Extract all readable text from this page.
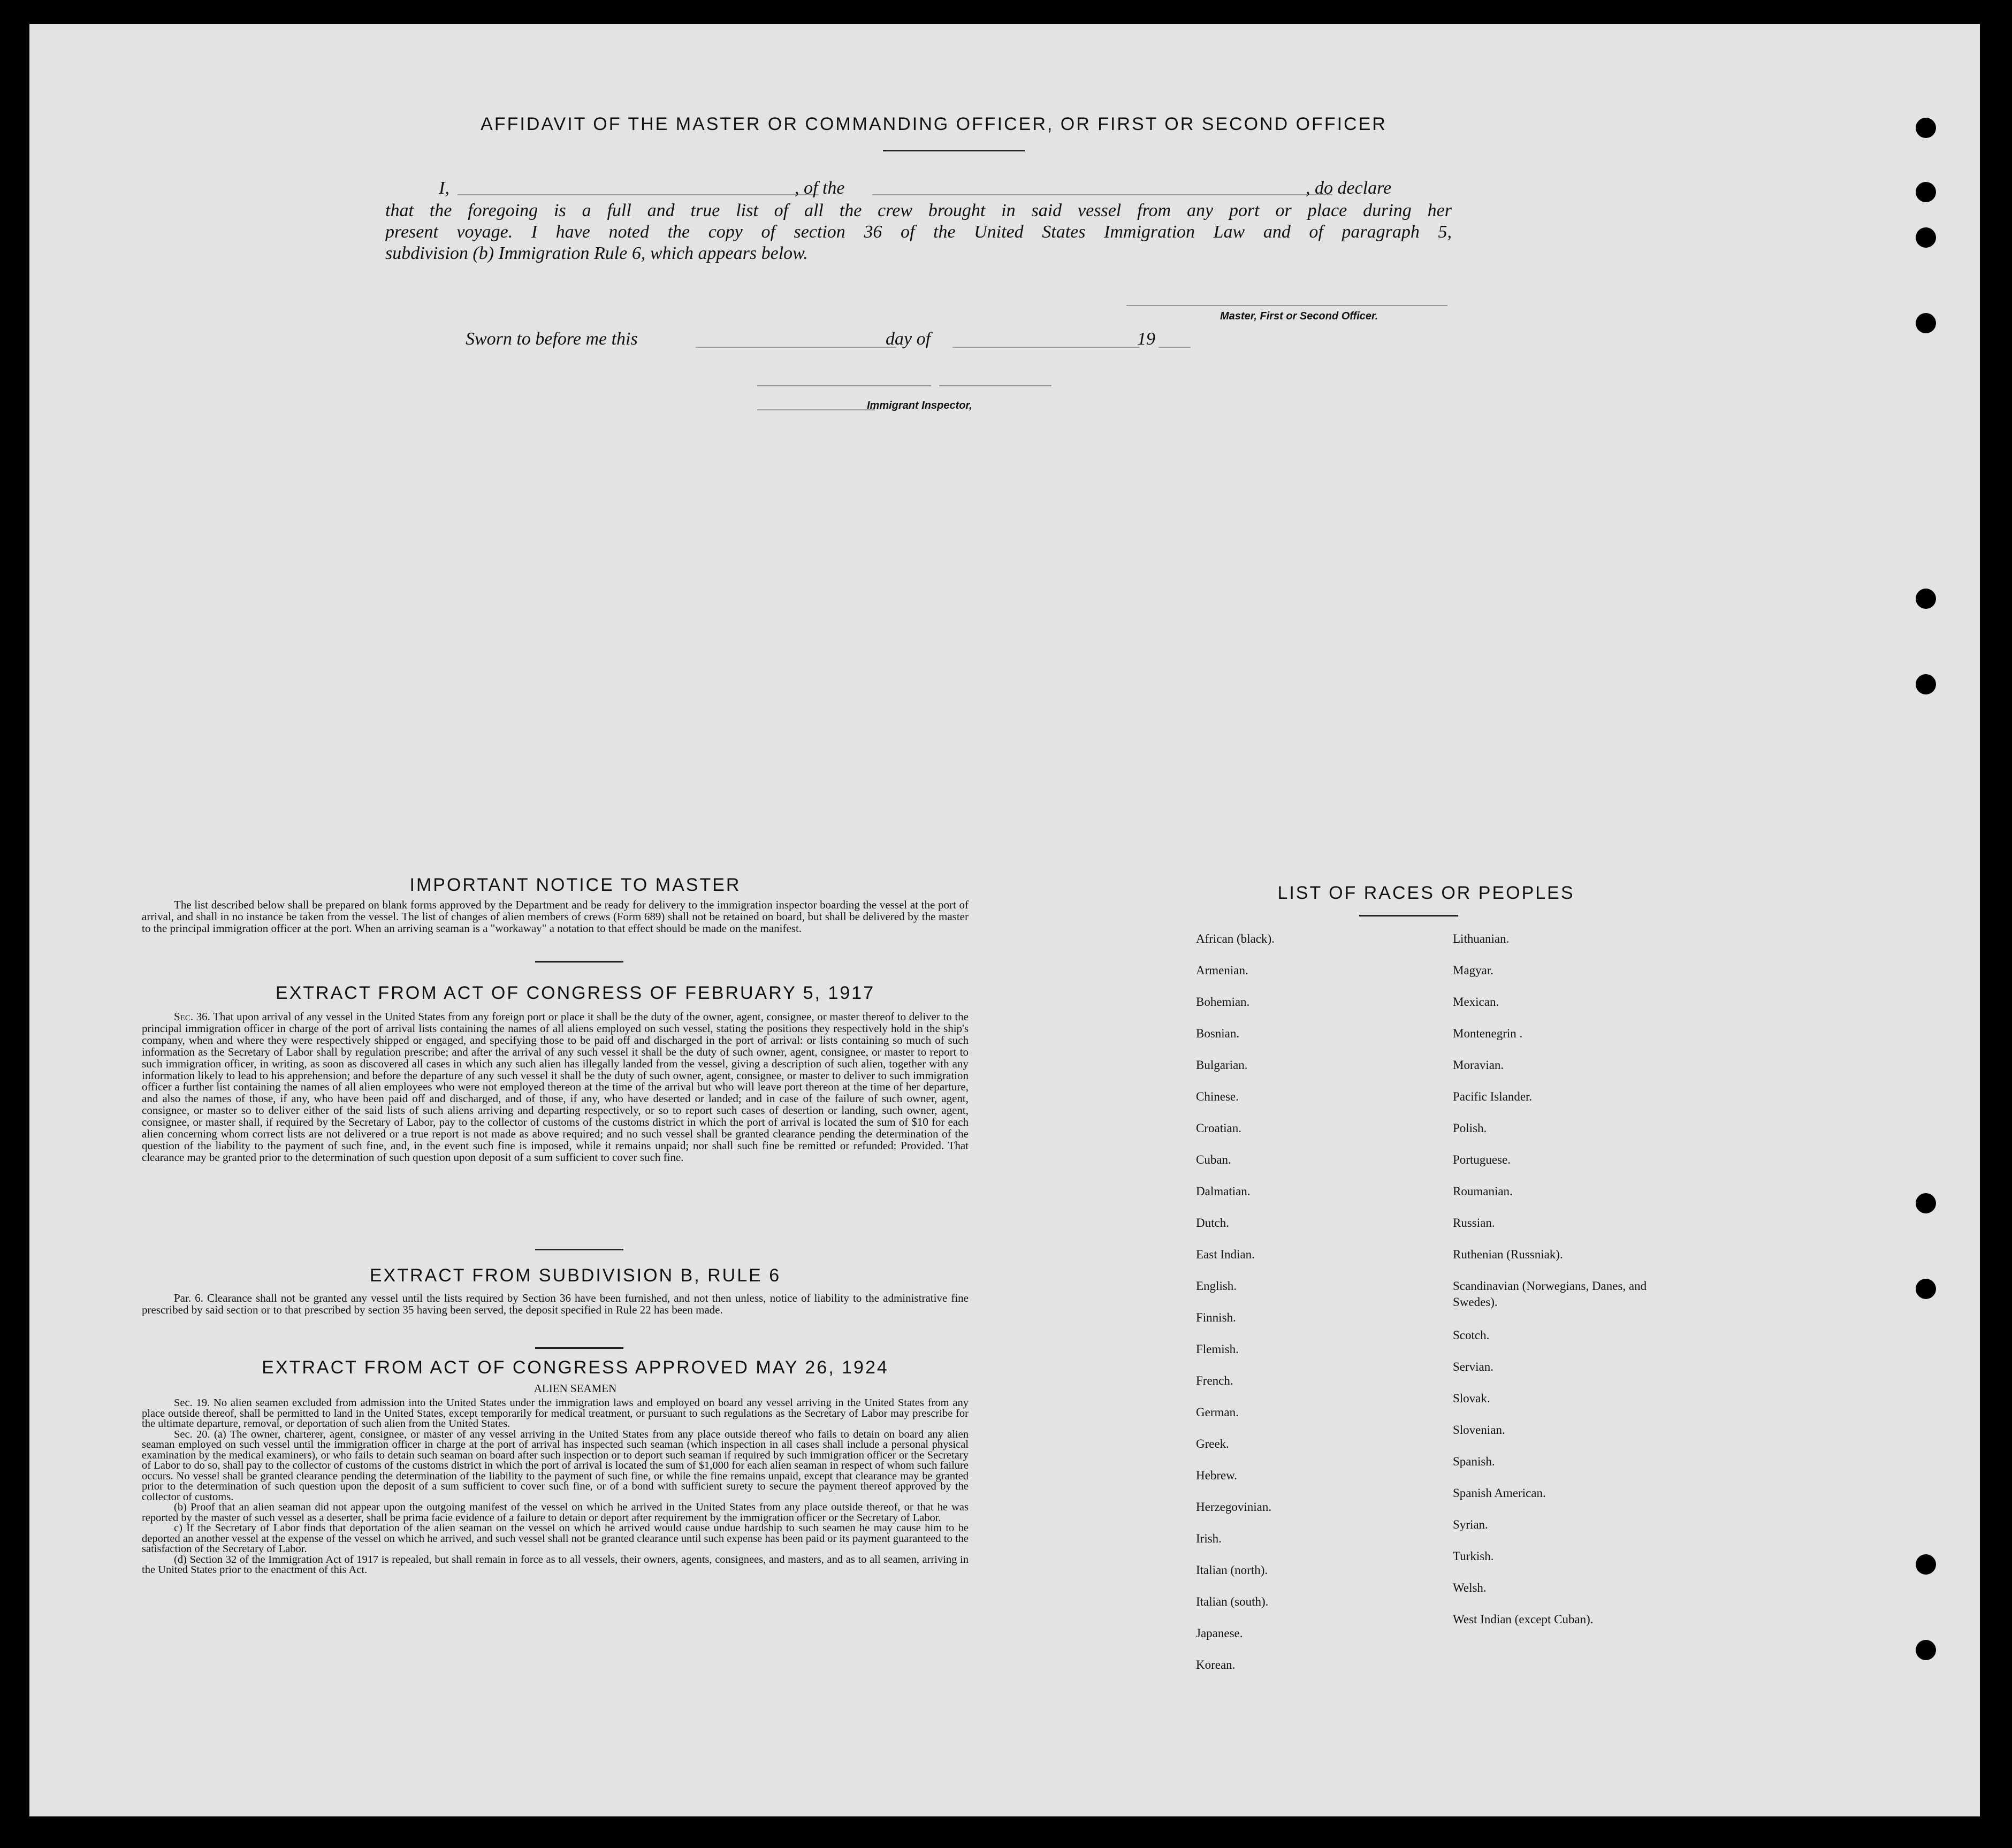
AFFIDAVIT OF THE MASTER OR COMMANDING OFFICER, OR FIRST OR SECOND OFFICER
I,	, of the	, do declare
that the foregoing is a full and true list of all the crew brought in said vessel from any port or place during her
present voyage. I have noted the copy of section 36 of the United States Immigration Law and of paragraph 5,
subdivision (b) Immigration Rule 6, which appears below.
Master, First or Second Officer.
Sworn to before me this	day of	19
Immigrant Inspector,
IMPORTANT NOTICE TO MASTER

The list described below shall be prepared on blank forms approved by the Department and be ready for delivery to the immigration inspector boarding the vessel at the port of arrival, and shall in no instance be taken from the vessel. The list of changes of alien members of crews (Form 689) shall not be retained on board, but shall be delivered by the master to the principal immigration officer at the port. When an arriving seaman is a "workaway" a notation to that effect should be made on the manifest.

EXTRACT FROM ACT OF CONGRESS OF FEBRUARY 5, 1917

Sec. 36. That upon arrival of any vessel in the United States from any foreign port or place it shall be the duty of the owner, agent, consignee, or master thereof to deliver to the principal immigration officer in charge of the port of arrival lists containing the names of all aliens employed on such vessel, stating the positions they respectively hold in the ship's company, when and where they were respectively shipped or engaged, and specifying those to be paid off and discharged in the port of arrival: or lists containing so much of such information as the Secretary of Labor shall by regulation prescribe; and after the arrival of any such vessel it shall be the duty of such owner, agent, consignee, or master to report to such immigration officer, in writing, as soon as discovered all cases in which any such alien has illegally landed from the vessel, giving a description of such alien, together with any information likely to lead to his apprehension; and before the departure of any such vessel it shall be the duty of such owner, agent, consignee, or master to deliver to such immigration officer a further list containing the names of all alien employees who were not employed thereon at the time of the arrival but who will leave port thereon at the time of her departure, and also the names of those, if any, who have been paid off and discharged, and of those, if any, who have deserted or landed; and in case of the failure of such owner, agent, consignee, or master so to deliver either of the said lists of such aliens arriving and departing respectively, or so to report such cases of desertion or landing, such owner, agent, consignee, or master shall, if required by the Secretary of Labor, pay to the collector of customs of the customs district in which the port of arrival is located the sum of $10 for each alien concerning whom correct lists are not delivered or a true report is not made as above required; and no such vessel shall be granted clearance pending the determination of the question of the liability to the payment of such fine, and, in the event such fine is imposed, while it remains unpaid; nor shall such fine be remitted or refunded: Provided. That clearance may be granted prior to the determination of such question upon deposit of a sum sufficient to cover such fine.

EXTRACT FROM SUBDIVISION B, RULE 6

Par. 6. Clearance shall not be granted any vessel until the lists required by Section 36 have been furnished, and not then unless, notice of liability to the administrative fine prescribed by said section or to that prescribed by section 35 having been served, the deposit specified in Rule 22 has been made.

EXTRACT FROM ACT OF CONGRESS APPROVED MAY 26, 1924
ALIEN SEAMEN

Sec. 19. No alien seamen excluded from admission into the United States under the immigration laws and employed on board any vessel arriving in the United States from any place outside thereof, shall be permitted to land in the United States, except temporarily for medical treatment, or pursuant to such regulations as the Secretary of Labor may prescribe for the ultimate departure, removal, or deportation of such alien from the United States.

Sec. 20. (a) The owner, charterer, agent, consignee, or master of any vessel arriving in the United States from any place outside thereof who fails to detain on board any alien seaman employed on such vessel until the immigration officer in charge at the port of arrival has inspected such seaman (which inspection in all cases shall include a personal physical examination by the medical examiners), or who fails to detain such seaman on board after such inspection or to deport such seaman if required by such immigration officer or the Secretary of Labor to do so, shall pay to the collector of customs of the customs district in which the port of arrival is located the sum of $1,000 for each alien seaman in respect of whom such failure occurs. No vessel shall be granted clearance pending the determination of the liability to the payment of such fine, or while the fine remains unpaid, except that clearance may be granted prior to the determination of such question upon the deposit of a sum sufficient to cover such fine, or of a bond with sufficient surety to secure the payment thereof approved by the collector of customs.

(b) Proof that an alien seaman did not appear upon the outgoing manifest of the vessel on which he arrived in the United States from any place outside thereof, or that he was reported by the master of such vessel as a deserter, shall be prima facie evidence of a failure to detain or deport after requirement by the immigration officer or the Secretary of Labor.

c) If the Secretary of Labor finds that deportation of the alien seaman on the vessel on which he arrived would cause undue hardship to such seamen he may cause him to be deported an another vessel at the expense of the vessel on which he arrived, and such vessel shall not be granted clearance until such expense has been paid or its payment guaranteed to the satisfaction of the Secretary of Labor.

(d) Section 32 of the Immigration Act of 1917 is repealed, but shall remain in force as to all vessels, their owners, agents, consignees, and masters, and as to all seamen, arriving in the United States prior to the enactment of this Act.

LIST OF RACES OR PEOPLES
African (black).
Armenian.
Bohemian.
Bosnian.
Bulgarian.
Chinese.
Croatian.
Cuban.
Dalmatian.
Dutch.
East Indian.
English.
Finnish.
Flemish.
French.
German.
Greek.
Hebrew.
Herzegovinian.
Irish.
Italian (north).
Italian (south).
Japanese.
Korean.
Lithuanian.
Magyar.
Mexican.
Montenegrin .
Moravian.
Pacific Islander.
Polish.
Portuguese.
Roumanian.
Russian.
Ruthenian (Russniak).
Scandinavian (Norwegians, Danes, and Swedes).
Scotch.
Servian.
Slovak.
Slovenian.
Spanish.
Spanish American.
Syrian.
Turkish.
Welsh.
West Indian (except Cuban).
